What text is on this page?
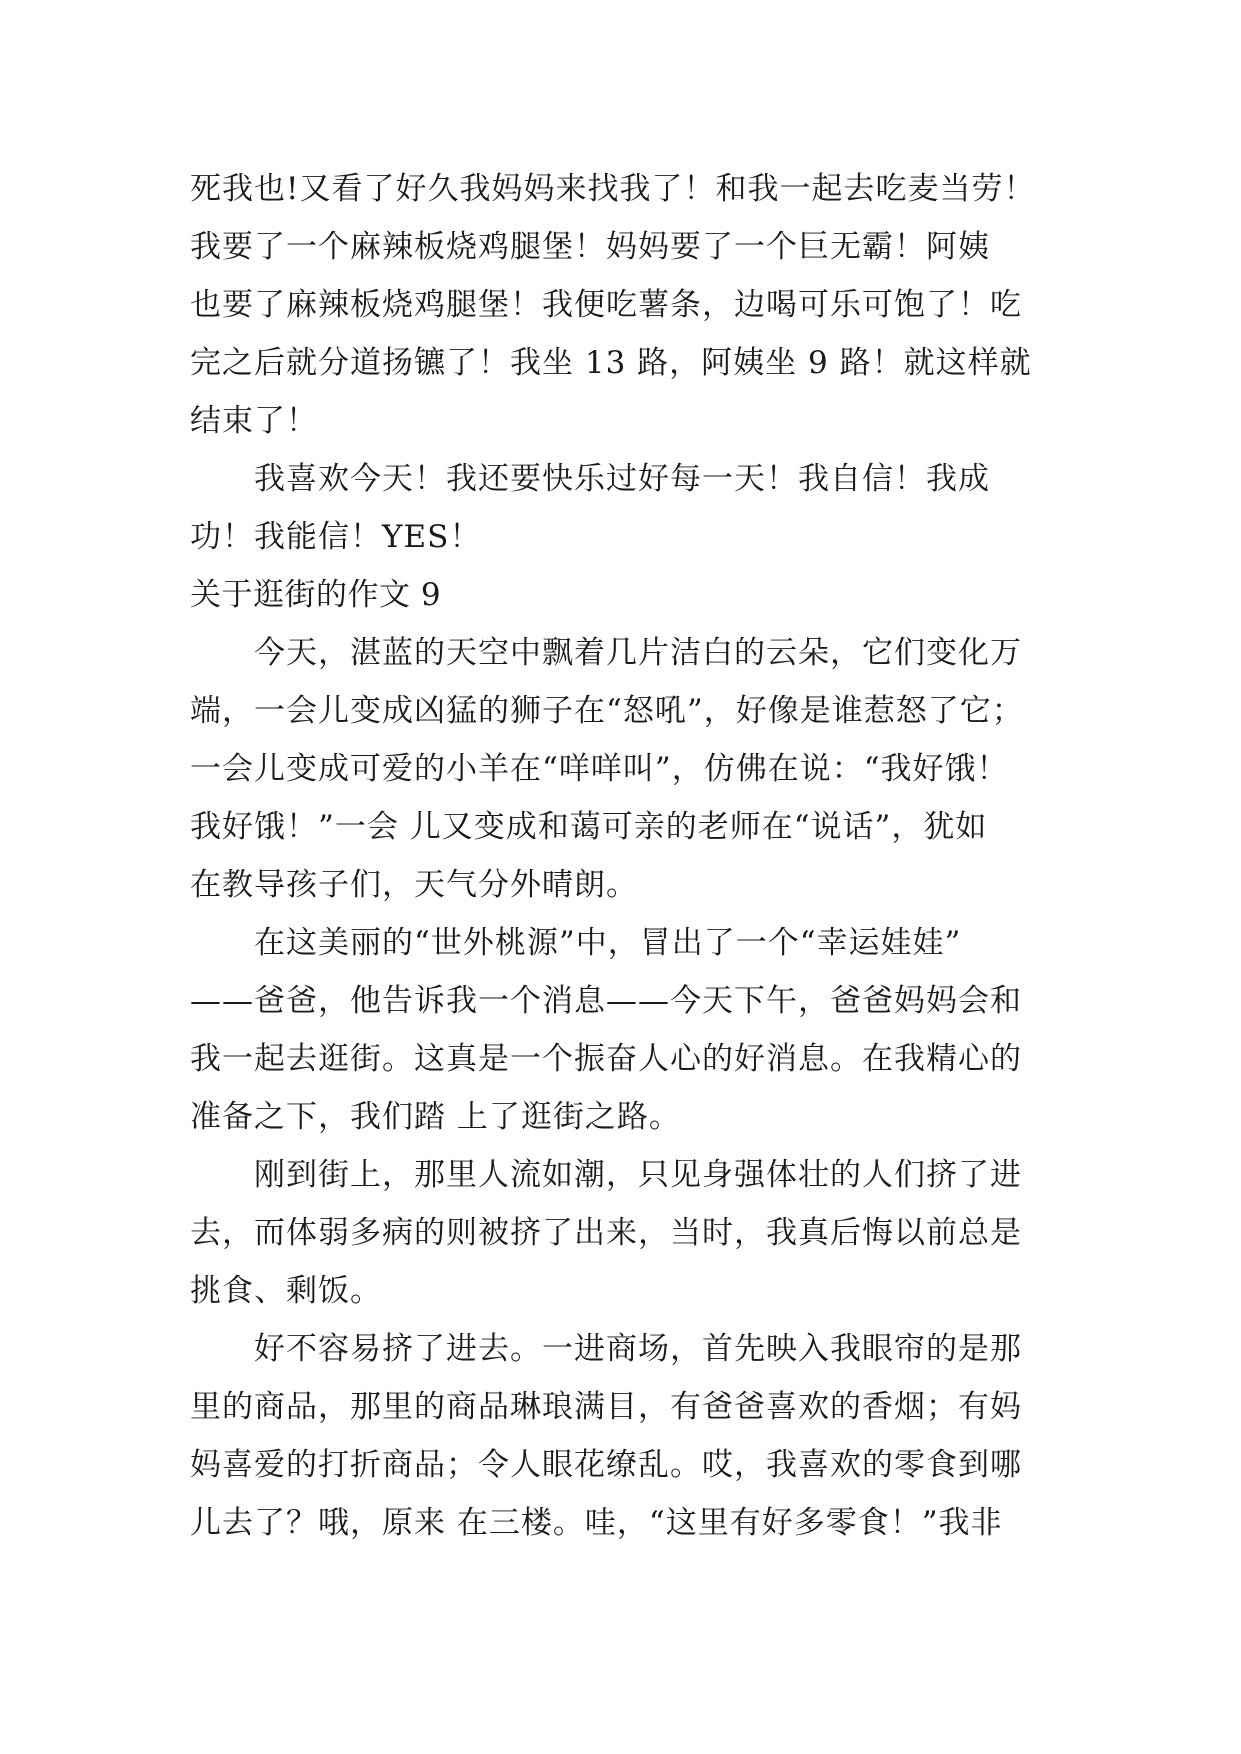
死我也!又看了好久我妈妈来找我了！和我一起去吃麦当劳！
我要了一个麻辣板烧鸡腿堡！妈妈要了一个巨无霸！阿姨
也要了麻辣板烧鸡腿堡！我便吃薯条，边喝可乐可饱了！吃
完之后就分道扬镳了！我坐 13 路，阿姨坐 9 路！就这样就
结束了！
我喜欢今天！我还要快乐过好每一天！我自信！我成
功！我能信！YES！
关于逛街的作文 9
今天，湛蓝的天空中飘着几片洁白的云朵，它们变化万
端，一会儿变成凶猛的狮子在“怒吼”，好像是谁惹怒了它；
一会儿变成可爱的小羊在“咩咩叫”，仿佛在说：“我好饿！
我好饿！”一会 儿又变成和蔼可亲的老师在“说话”，犹如
在教导孩子们，天气分外晴朗。
在这美丽的“世外桃源”中，冒出了一个“幸运娃娃”
——爸爸，他告诉我一个消息——今天下午，爸爸妈妈会和
我一起去逛街。这真是一个振奋人心的好消息。在我精心的
准备之下，我们踏 上了逛街之路。
刚到街上，那里人流如潮，只见身强体壮的人们挤了进
去，而体弱多病的则被挤了出来，当时，我真后悔以前总是
挑食、剩饭。
好不容易挤了进去。一进商场，首先映入我眼帘的是那
里的商品，那里的商品琳琅满目，有爸爸喜欢的香烟；有妈
妈喜爱的打折商品；令人眼花缭乱。哎，我喜欢的零食到哪
儿去了？哦，原来 在三楼。哇，“这里有好多零食！”我非
